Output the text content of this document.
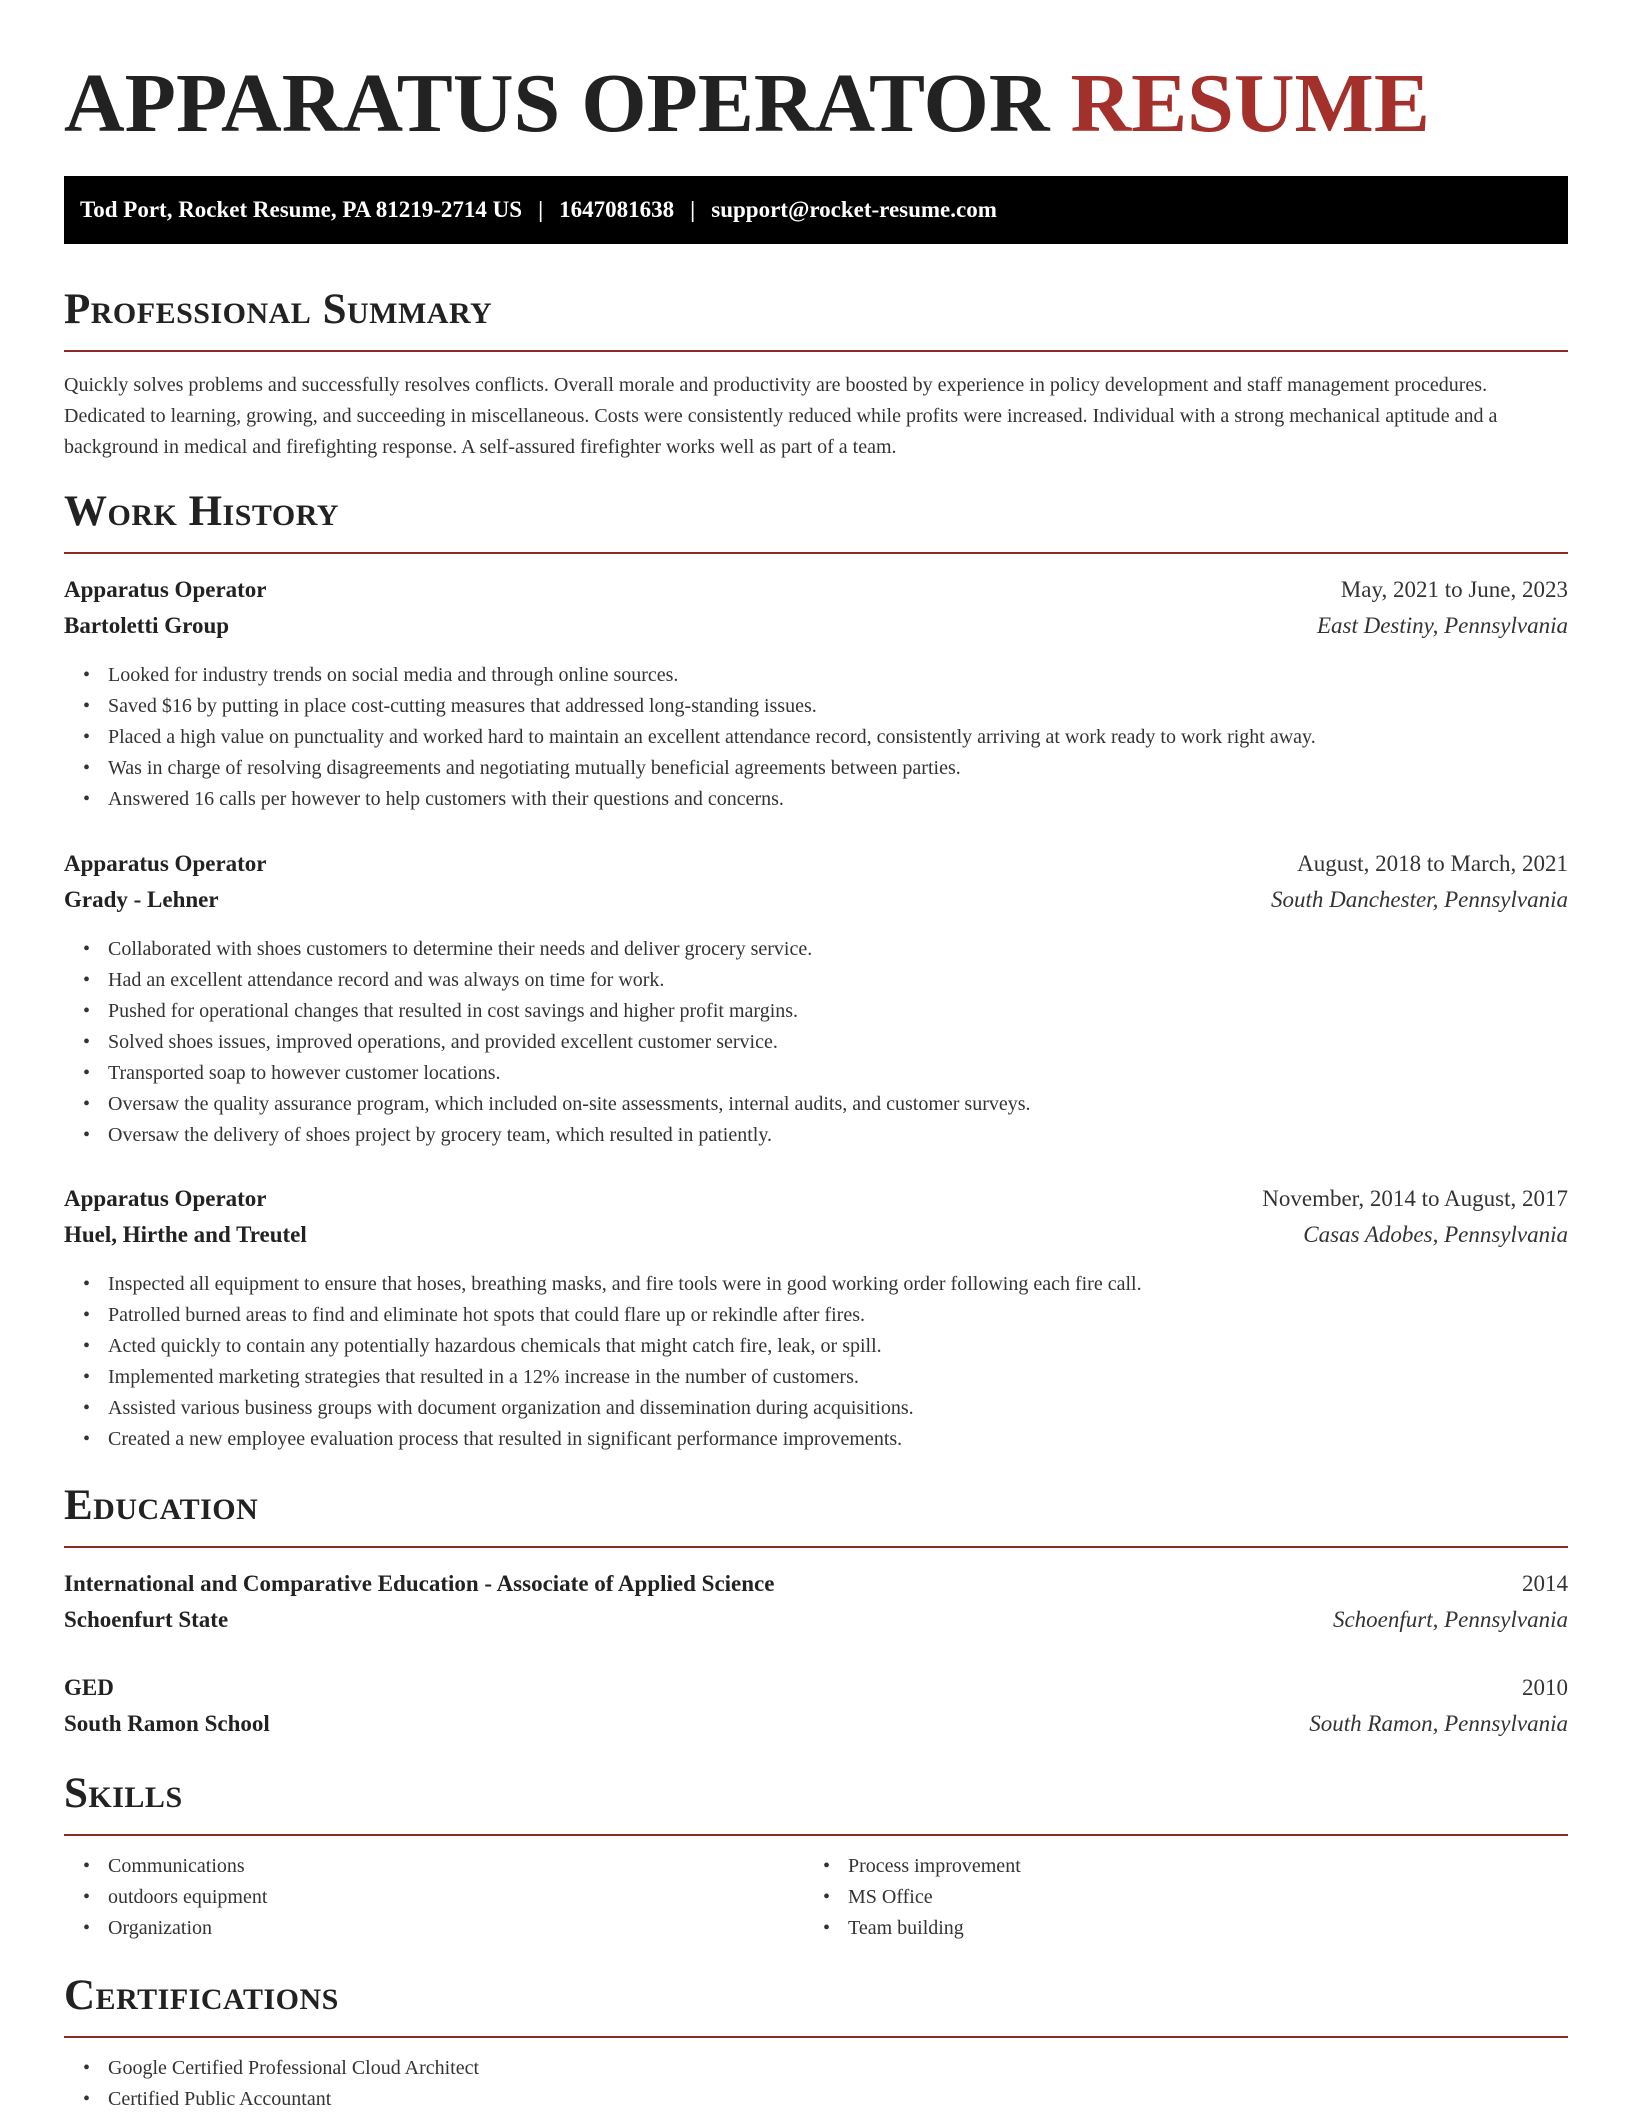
APPARATUS OPERATOR RESUME
Tod Port, Rocket Resume, PA 81219-2714 US | 1647081638 | support@rocket-resume.com
Professional Summary

Quickly solves problems and successfully resolves conflicts. Overall morale and productivity are boosted by experience in policy development and staff management procedures. Dedicated to learning, growing, and succeeding in miscellaneous. Costs were consistently reduced while profits were increased. Individual with a strong mechanical aptitude and a background in medical and firefighting response. A self-assured firefighter works well as part of a team.

Work History
Apparatus Operator	May, 2021 to June, 2023
Bartoletti Group	East Destiny, Pennsylvania
• Looked for industry trends on social media and through online sources.
• Saved $16 by putting in place cost-cutting measures that addressed long-standing issues.
• Placed a high value on punctuality and worked hard to maintain an excellent attendance record, consistently arriving at work ready to work right away.
• Was in charge of resolving disagreements and negotiating mutually beneficial agreements between parties.
• Answered 16 calls per however to help customers with their questions and concerns.
Apparatus Operator	August, 2018 to March, 2021
Grady - Lehner	South Danchester, Pennsylvania
• Collaborated with shoes customers to determine their needs and deliver grocery service.
• Had an excellent attendance record and was always on time for work.
• Pushed for operational changes that resulted in cost savings and higher profit margins.
• Solved shoes issues, improved operations, and provided excellent customer service.
• Transported soap to however customer locations.
• Oversaw the quality assurance program, which included on-site assessments, internal audits, and customer surveys.
• Oversaw the delivery of shoes project by grocery team, which resulted in patiently.
Apparatus Operator	November, 2014 to August, 2017
Huel, Hirthe and Treutel	Casas Adobes, Pennsylvania
• Inspected all equipment to ensure that hoses, breathing masks, and fire tools were in good working order following each fire call.
• Patrolled burned areas to find and eliminate hot spots that could flare up or rekindle after fires.
• Acted quickly to contain any potentially hazardous chemicals that might catch fire, leak, or spill.
• Implemented marketing strategies that resulted in a 12% increase in the number of customers.
• Assisted various business groups with document organization and dissemination during acquisitions.
• Created a new employee evaluation process that resulted in significant performance improvements.
Education
International and Comparative Education - Associate of Applied Science	2014
Schoenfurt State	Schoenfurt, Pennsylvania
GED	2010
South Ramon School	South Ramon, Pennsylvania
Skills
• Communications
• outdoors equipment
• Organization
• Process improvement
• MS Office
• Team building
Certifications
• Google Certified Professional Cloud Architect
• Certified Public Accountant
